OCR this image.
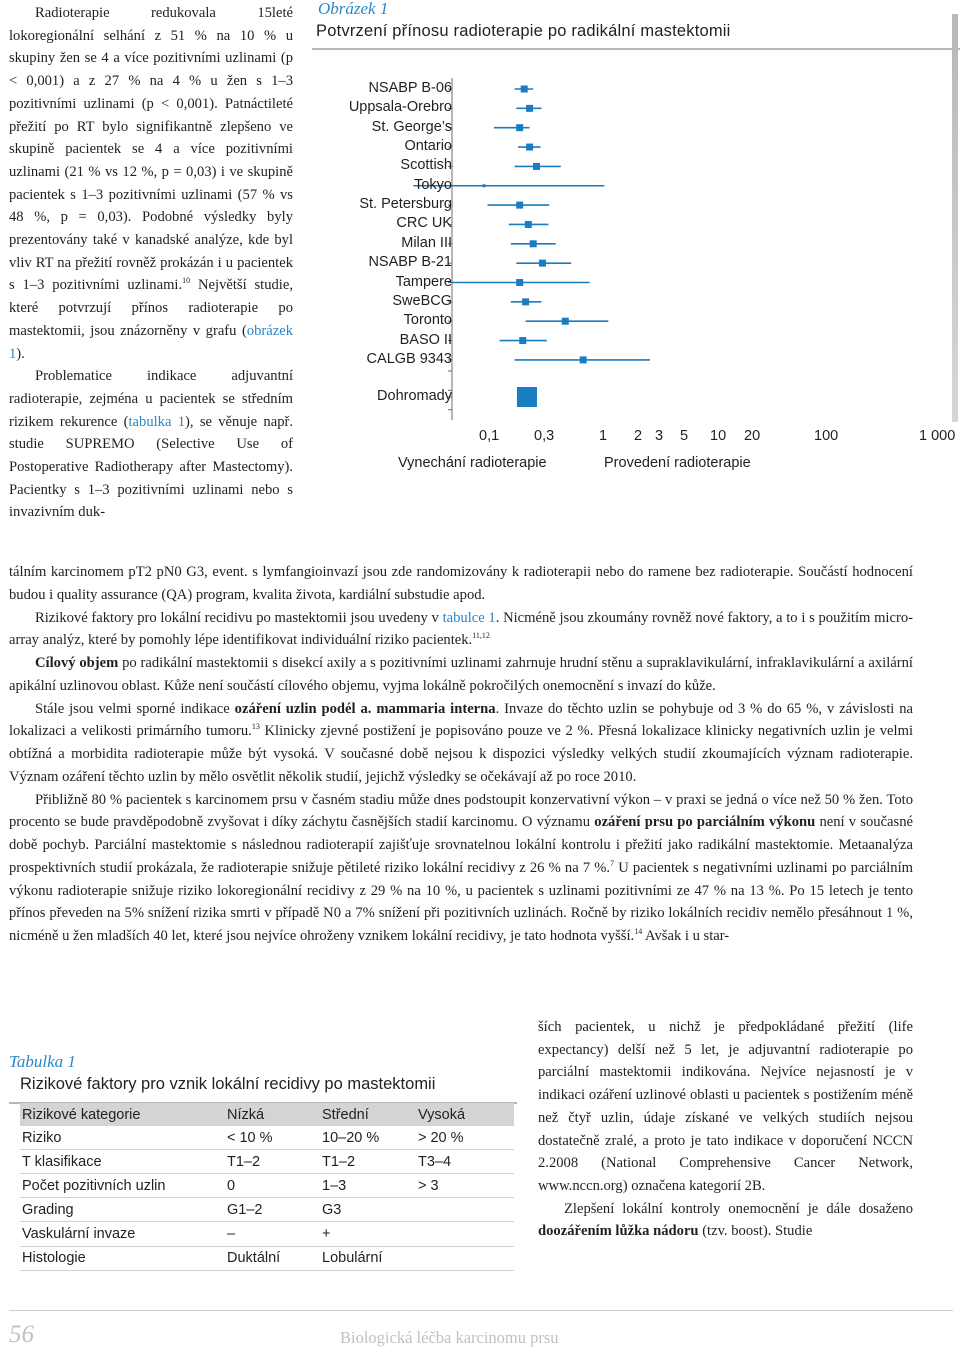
Radioterapie redukovala 15leté lokoregionální selhání z 51 % na 10 % u skupiny žen se 4 a více pozitivními uzlinami (p < 0,001) a z 27 % na 4 % u žen s 1–3 pozitivními uzlinami (p < 0,001). Patnáctileté přežití po RT bylo signifikantně zlepšeno ve skupině pacientek se 4 a více pozitivními uzlinami (21 % vs 12 %, p = 0,03) i ve skupině pacientek s 1–3 pozitivními uzlinami (57 % vs 48 %, p = 0,03). Podobné výsledky byly prezentovány také v kanadské analýze, kde byl vliv RT na přežití rovněž prokázán i u pacientek s 1–3 pozitivními uzlinami.$^{10}$ Největší studie, které potvrzují přínos radioterapie po mastektomii, jsou znázorněny v grafu (obrázek 1).

Problematice indikace adjuvantní radioterapie, zejména u pacientek se středním rizikem rekurence (tabulka 1), se věnuje např. studie SUPREMO (Selective Use of Postoperative Radiotherapy after Mastectomy). Pacientky s 1–3 pozitivními uzlinami nebo s invazivním duk-

Obrázek 1
Potvrzení přínosu radioterapie po radikální mastektomii
NSABP B-06
Uppsala-Orebro
St. George’s
Ontario
Scottish
Tokyo
St. Petersburg
CRC UK
Milan III
NSABP B-21
Tampere
SweBCG
Toronto
BASO II
CALGB 9343
Dohromady
0,1 0,3	1 2 3 5 10 20	100	1 000
Vynechání radioterapie	Provedení radioterapie

tálním karcinomem pT2 pN0 G3, event. s lymfangioinvazí jsou zde randomizovány k radioterapii nebo do ramene bez radioterapie. Součástí hodnocení budou i quality assurance (QA) program, kvalita života, kardiální substudie apod.

Rizikové faktory pro lokální recidivu po mastektomii jsou uvedeny v tabulce 1. Nicméně jsou zkoumány rovněž nové faktory, a to i s použitím micro-array analýz, které by pomohly lépe identifikovat individuální riziko pacientek.$^{11,12}$

Cílový objem po radikální mastektomii s disekcí axily a s pozitivními uzlinami zahrnuje hrudní stěnu a supraklavikulární, infraklavikulární a axilární apikální uzlinovou oblast. Kůže není součástí cílového objemu, vyjma lokálně pokročilých onemocnění s invazí do kůže.

Stále jsou velmi sporné indikace ozáření uzlin podél a. mammaria interna. Invaze do těchto uzlin se pohybuje od 3 % do 65 %, v závislosti na lokalizaci a velikosti primárního tumoru.$^{13}$ Klinicky zjevné postižení je popisováno pouze ve 2 %. Přesná lokalizace klinicky negativních uzlin je velmi obtížná a morbidita radioterapie může být vysoká. V současné době nejsou k dispozici výsledky velkých studií zkoumajících význam radioterapie. Význam ozáření těchto uzlin by mělo osvětlit několik studií, jejichž výsledky se očekávají až po roce 2010.

Přibližně 80 % pacientek s karcinomem prsu v časném stadiu může dnes podstoupit konzervativní výkon – v praxi se jedná o více než 50 % žen. Toto procento se bude pravděpodobně zvyšovat i díky záchytu časnějších stadií karcinomu. O významu ozáření prsu po parciálním výkonu není v současné době pochyb. Parciální mastektomie s následnou radioterapií zajišťuje srovnatelnou lokální kontrolu i přežití jako radikální mastektomie. Metaanalýza prospektivních studií prokázala, že radioterapie snižuje pětileté riziko lokální recidivy z 26 % na 7 %.$^7$ U pacientek s negativními uzlinami po parciálním výkonu radioterapie snižuje riziko lokoregionální recidivy z 29 % na 10 %, u pacientek s uzlinami pozitivními ze 47 % na 13 %. Po 15 letech je tento přínos převeden na 5% snížení rizika smrti v případě N0 a 7% snížení při pozitivních uzlinách. Ročně by riziko lokálních recidiv nemělo přesáhnout 1 %, nicméně u žen mladších 40 let, které jsou nejvíce ohroženy vznikem lokální recidivy, je tato hodnota vyšší.$^{14}$ Avšak i u star-

Tabulka 1
Rizikové faktory pro vznik lokální recidivy po mastektomii
Rizikové kategorie	Nízká	Střední	Vysoká
Riziko	< 10 %	10–20 %	> 20 %
T klasifikace	T1–2	T1–2	T3–4
Počet pozitivních uzlin	0	1–3	> 3
Grading	G1–2	G3	
Vaskulární invaze	–	+	
Histologie	Duktální	Lobulární	

ších pacientek, u nichž je předpokládané přežití (life expectancy) delší než 5 let, je adjuvantní radioterapie po parciální mastektomii indikována. Nejvíce nejasností je v indikaci ozáření uzlinové oblasti u pacientek s postižením méně než čtyř uzlin, údaje získané ve velkých studiích nejsou dostatečně zralé, a proto je tato indikace v doporučení NCCN 2.2008 (National Comprehensive Cancer Network, www.nccn.org) označena kategorií 2B.

Zlepšení lokální kontroly onemocnění je dále dosaženo doozářením lůžka nádoru (tzv. boost). Studie

56	Biologická léčba karcinomu prsu
